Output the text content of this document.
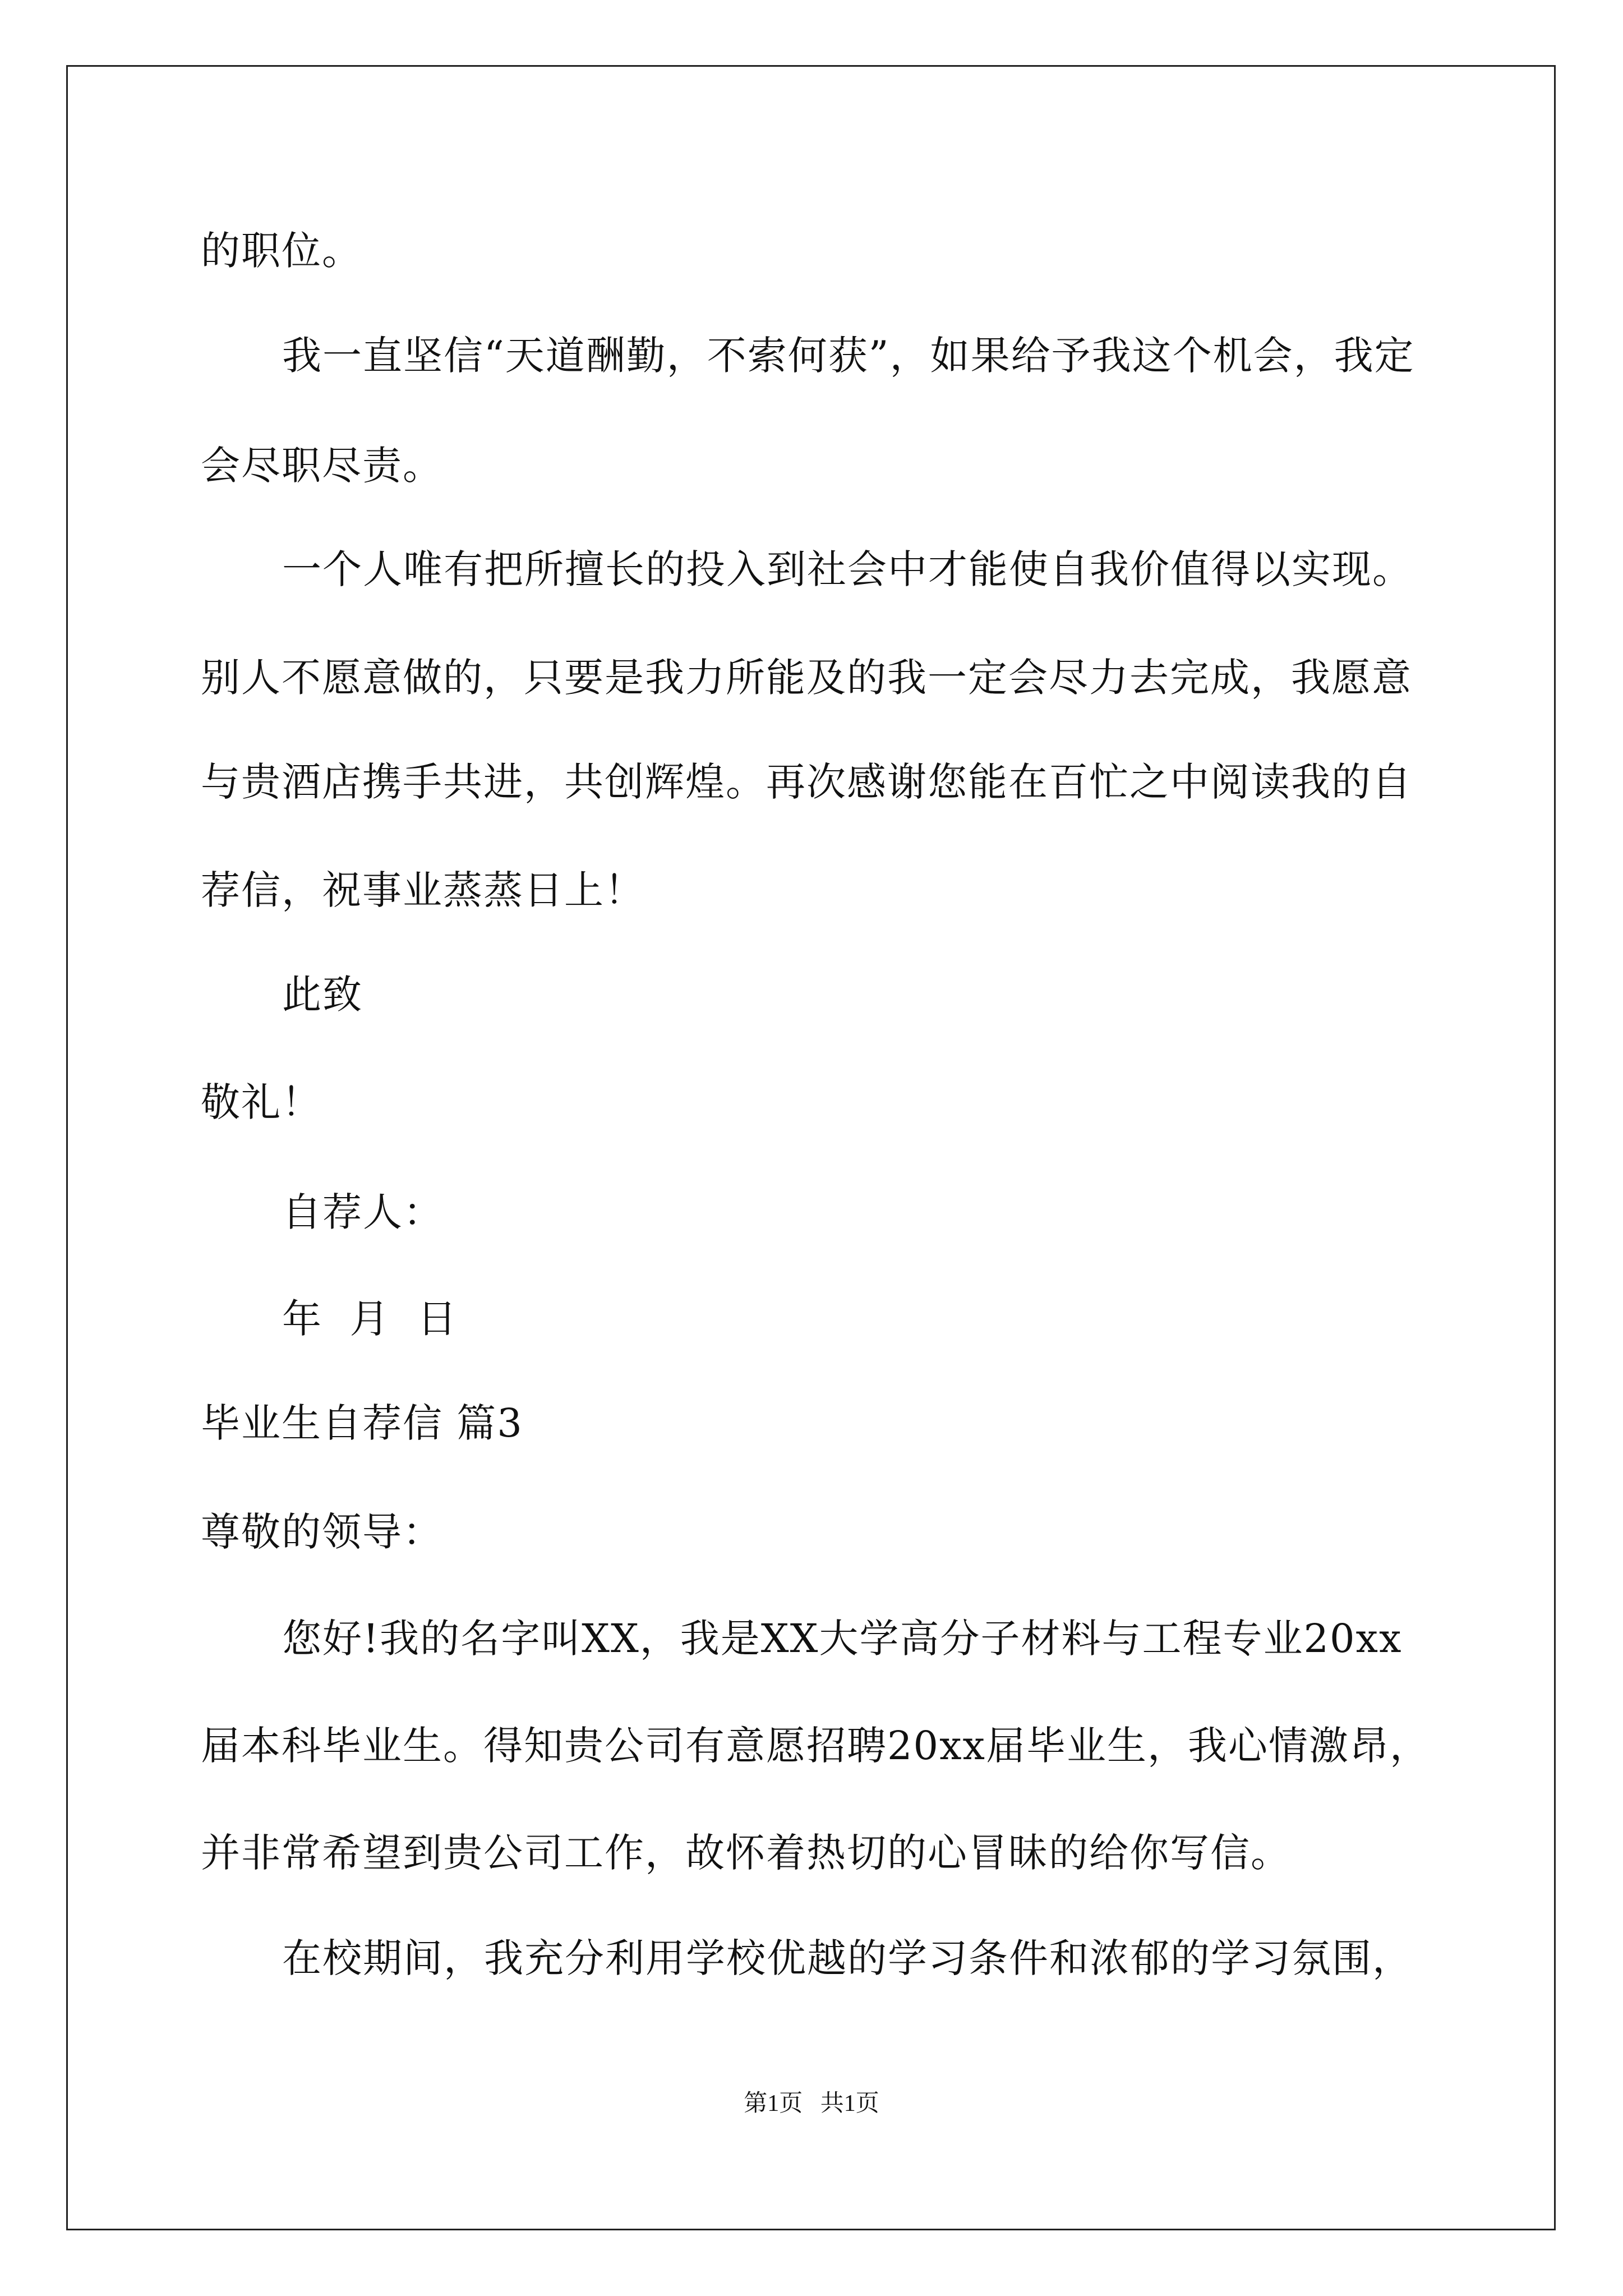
的职位。
我一直坚信“天道酬勤，不索何获”，如果给予我这个机会，我定
会尽职尽责。
一个人唯有把所擅长的投入到社会中才能使自我价值得以实现。
别人不愿意做的，只要是我力所能及的我一定会尽力去完成，我愿意
与贵酒店携手共进，共创辉煌。再次感谢您能在百忙之中阅读我的自
荐信，祝事业蒸蒸日上！
此致
敬礼！
自荐人：
年  月  日
毕业生自荐信 篇3
尊敬的领导：
您好!我的名字叫XX，我是XX大学高分子材料与工程专业20xx
届本科毕业生。得知贵公司有意愿招聘20xx届毕业生，我心情激昂，
并非常希望到贵公司工作，故怀着热切的心冒昧的给你写信。
在校期间，我充分利用学校优越的学习条件和浓郁的学习氛围，
第1页   共1页
